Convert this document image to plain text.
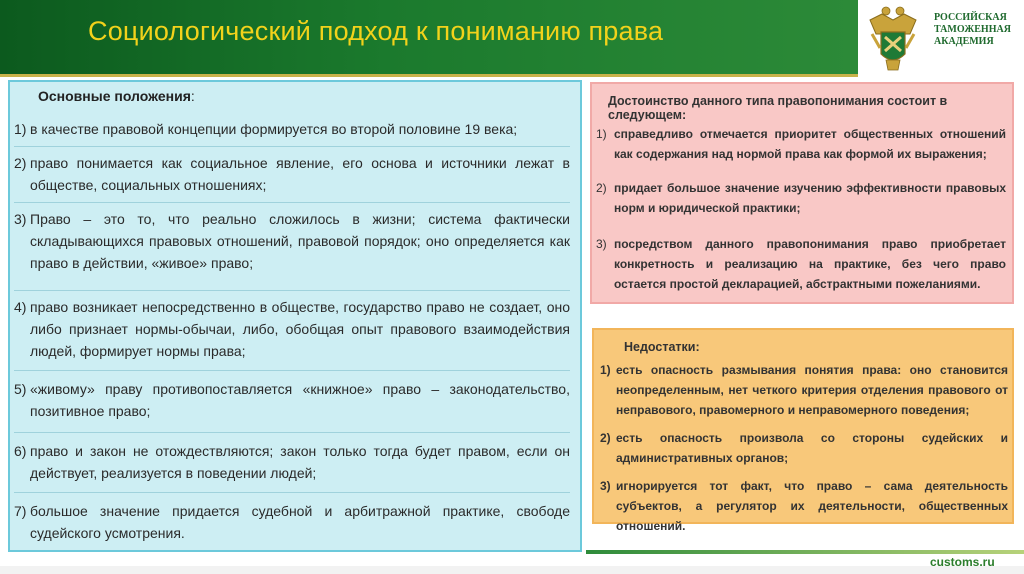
Социологический подход к пониманию права	РОССИЙСКАЯ
ТАМОЖЕННАЯ
АКАДЕМИЯ
Основные положения:
1) в качестве правовой концепции формируется во второй половине 19 века;
2) право понимается как социальное явление, его основа и источники лежат в обществе, социальных отношениях;
3) Право – это то, что реально сложилось в жизни; система фактически складывающихся правовых отношений, правовой порядок; оно определяется как право в действии, «живое» право;
4) право возникает непосредственно в обществе, государство право не создает, оно либо признает нормы-обычаи, либо, обобщая опыт правового взаимодействия людей, формирует нормы права;
5) «живому» праву противопоставляется «книжное» право – законодательство, позитивное право;
6) право и закон не отождествляются; закон только тогда будет правом, если он действует, реализуется в поведении людей;
7) большое значение придается судебной и арбитражной практике, свободе судейского усмотрения.
Достоинство данного типа правопонимания состоит в следующем:
1) справедливо отмечается приоритет общественных отношений как содержания над нормой права как формой их выражения;
2) придает большое значение изучению эффективности правовых норм и юридической практики;
3) посредством данного правопонимания право приобретает конкретность и реализацию на практике, без чего право остается простой декларацией, абстрактными пожеланиями.
Недостатки:
1) есть опасность размывания понятия права: оно становится неопределенным, нет четкого критерия отделения правового от неправового, правомерного и неправомерного поведения;
2) есть опасность произвола со стороны судейских и административных органов;
3) игнорируется тот факт, что право – сама деятельность субъектов, а регулятор их деятельности, общественных отношений.
customs.ru
